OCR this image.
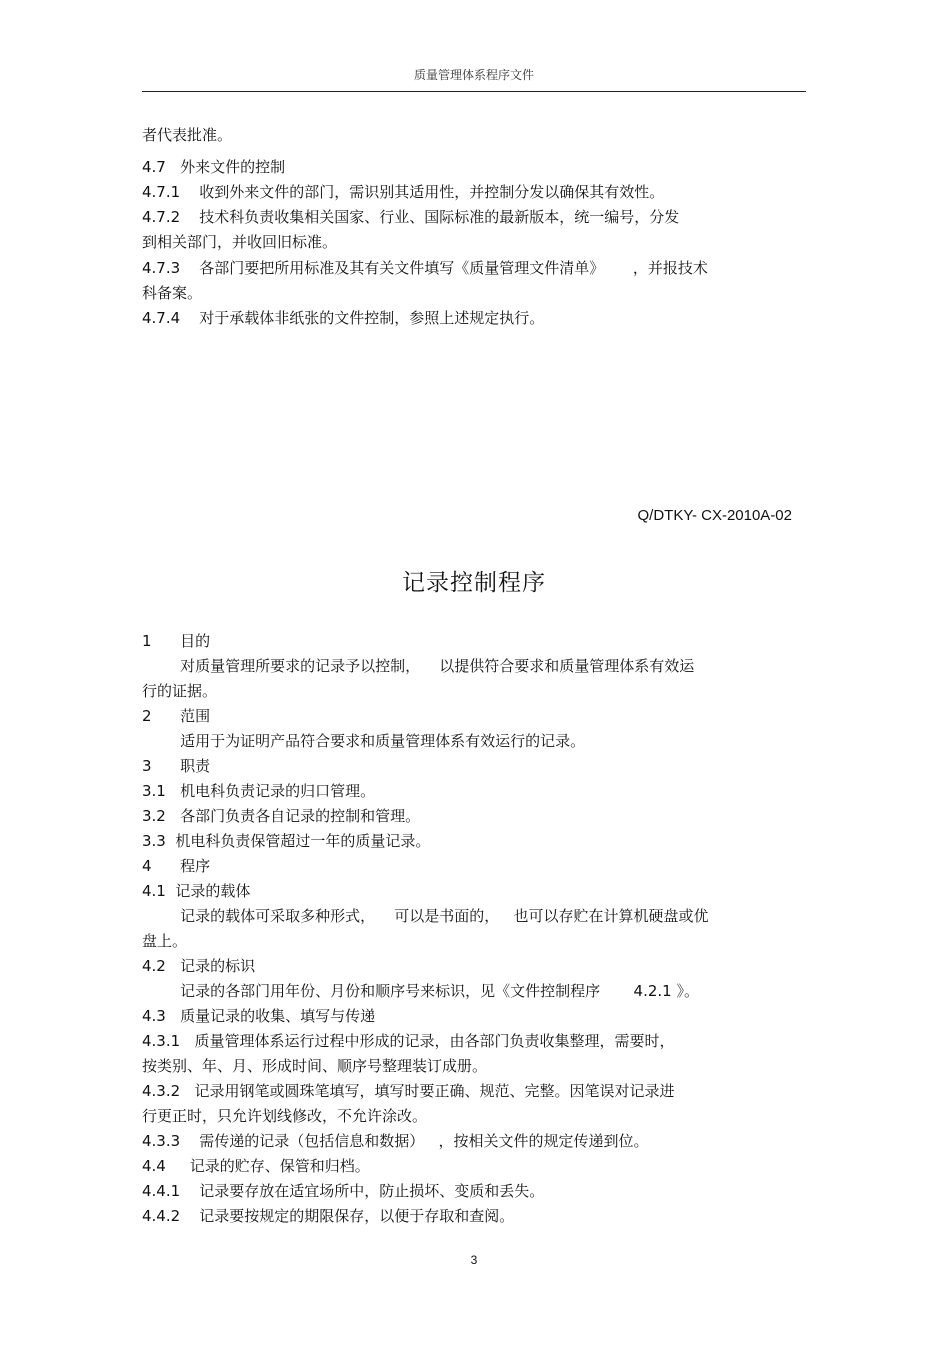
质量管理体系程序文件
者代表批准。
4.7   外来文件的控制
4.7.1    收到外来文件的部门，需识别其适用性，并控制分发以确保其有效性。
4.7.2    技术科负责收集相关国家、行业、国际标准的最新版本，统一编号，分发
到相关部门，并收回旧标准。
4.7.3    各部门要把所用标准及其有关文件填写《质量管理文件清单》      ，并报技术
科备案。
4.7.4    对于承载体非纸张的文件控制，参照上述规定执行。
Q/DTKY- CX-2010A-02
记录控制程序
1      目的
对质量管理所要求的记录予以控制，    以提供符合要求和质量管理体系有效运
行的证据。
2      范围
适用于为证明产品符合要求和质量管理体系有效运行的记录。
3      职责
3.1   机电科负责记录的归口管理。
3.2   各部门负责各自记录的控制和管理。
3.3  机电科负责保管超过一年的质量记录。
4      程序
4.1  记录的载体
记录的载体可采取多种形式，    可以是书面的，   也可以存贮在计算机硬盘或优
盘上。
4.2   记录的标识
记录的各部门用年份、月份和顺序号来标识，见《文件控制程序       4.2.1 》。
4.3   质量记录的收集、填写与传递
4.3.1   质量管理体系运行过程中形成的记录，由各部门负责收集整理，需要时，
按类别、年、月、形成时间、顺序号整理装订成册。
4.3.2   记录用钢笔或圆珠笔填写，填写时要正确、规范、完整。因笔误对记录进
行更正时，只允许划线修改，不允许涂改。
4.3.3    需传递的记录（包括信息和数据）   ，按相关文件的规定传递到位。
4.4     记录的贮存、保管和归档。
4.4.1    记录要存放在适宜场所中，防止损坏、变质和丢失。
4.4.2    记录要按规定的期限保存，以便于存取和查阅。
3
